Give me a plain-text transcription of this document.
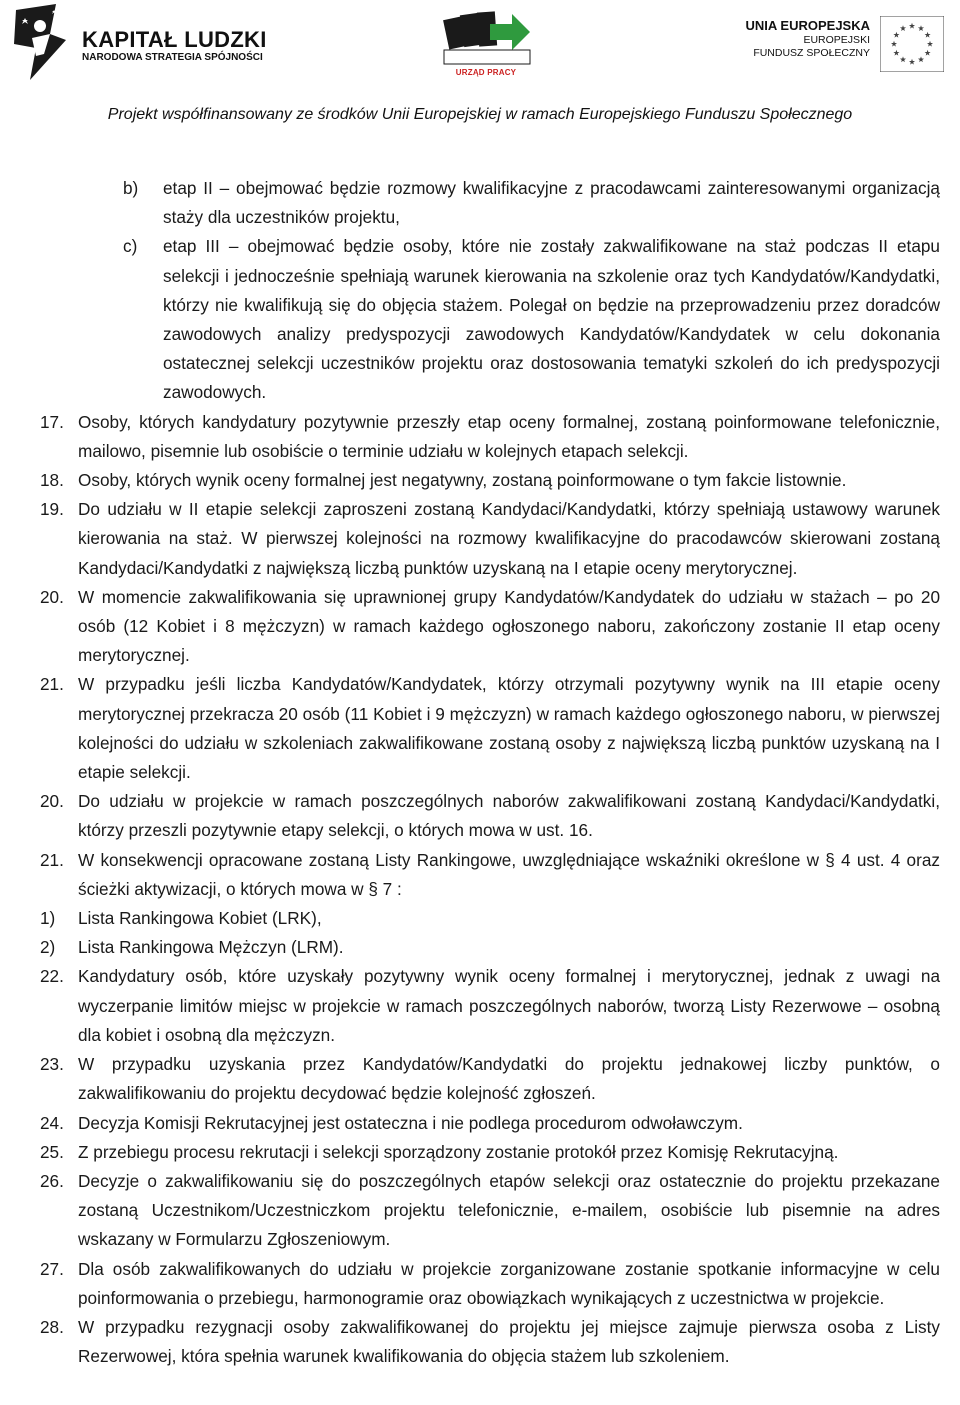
KAPITAŁ LUDZKI
NARODOWA STRATEGIA SPÓJNOŚCI
URZĄD PRACY
UNIA EUROPEJSKA
EUROPEJSKI
FUNDUSZ SPOŁECZNY
Projekt współfinansowany ze środków Unii Europejskiej w ramach Europejskiego Funduszu Społecznego
b)	etap II – obejmować będzie rozmowy kwalifikacyjne z pracodawcami zainteresowanymi organizacją staży dla uczestników projektu,
c)	etap III – obejmować będzie osoby, które nie zostały zakwalifikowane na staż podczas II etapu selekcji i jednocześnie spełniają warunek kierowania na szkolenie oraz tych Kandydatów/Kandydatki, którzy nie kwalifikują się do objęcia stażem. Polegał on będzie na przeprowadzeniu przez doradców zawodowych analizy predyspozycji zawodowych Kandydatów/Kandydatek w celu dokonania ostatecznej selekcji uczestników projektu oraz dostosowania tematyki szkoleń do ich predyspozycji zawodowych.
17. Osoby, których kandydatury pozytywnie przeszły etap oceny formalnej, zostaną poinformowane telefonicznie, mailowo, pisemnie lub osobiście o terminie udziału w kolejnych etapach selekcji.
18. Osoby, których wynik oceny formalnej jest negatywny, zostaną poinformowane o tym fakcie listownie.
19. Do udziału w II etapie selekcji zaproszeni zostaną Kandydaci/Kandydatki, którzy spełniają ustawowy warunek kierowania na staż. W pierwszej kolejności na rozmowy kwalifikacyjne do pracodawców skierowani zostaną Kandydaci/Kandydatki z największą liczbą punktów uzyskaną na I etapie oceny merytorycznej.
20. W momencie zakwalifikowania się uprawnionej grupy Kandydatów/Kandydatek do udziału w stażach – po 20 osób (12 Kobiet i 8 mężczyzn) w ramach każdego ogłoszonego naboru, zakończony zostanie II etap oceny merytorycznej.
21. W przypadku jeśli liczba Kandydatów/Kandydatek, którzy otrzymali pozytywny wynik na III etapie oceny merytorycznej przekracza 20 osób (11 Kobiet i 9 mężczyzn) w ramach każdego ogłoszonego naboru, w pierwszej kolejności do udziału w szkoleniach zakwalifikowane zostaną osoby z największą liczbą punktów uzyskaną na I etapie selekcji.
20. Do udziału w projekcie w ramach poszczególnych naborów zakwalifikowani zostaną Kandydaci/Kandydatki, którzy przeszli pozytywnie etapy selekcji, o których mowa w ust. 16.
21. W konsekwencji opracowane zostaną Listy Rankingowe, uwzględniające wskaźniki określone w § 4 ust. 4 oraz ścieżki aktywizacji, o których mowa w § 7 :
1)	Lista Rankingowa Kobiet (LRK),
2)	Lista Rankingowa Mężczyn (LRM).
22. Kandydatury osób, które uzyskały pozytywny wynik oceny formalnej i merytorycznej, jednak z uwagi na wyczerpanie limitów miejsc w projekcie w ramach poszczególnych naborów, tworzą Listy Rezerwowe – osobną dla kobiet i osobną dla mężczyzn.
23. W przypadku uzyskania przez Kandydatów/Kandydatki do projektu jednakowej liczby punktów, o zakwalifikowaniu do projektu decydować będzie kolejność zgłoszeń.
24. Decyzja Komisji Rekrutacyjnej jest ostateczna i nie podlega procedurom odwoławczym.
25. Z przebiegu procesu rekrutacji i selekcji sporządzony zostanie protokół przez Komisję Rekrutacyjną.
26. Decyzje o zakwalifikowaniu się do poszczególnych etapów selekcji oraz ostatecznie do projektu przekazane zostaną Uczestnikom/Uczestniczkom projektu telefonicznie, e-mailem, osobiście lub pisemnie na adres wskazany w Formularzu Zgłoszeniowym.
27. Dla osób zakwalifikowanych do udziału w projekcie zorganizowane zostanie spotkanie informacyjne w celu poinformowania o przebiegu, harmonogramie oraz obowiązkach wynikających z uczestnictwa w projekcie.
28. W przypadku rezygnacji osoby zakwalifikowanej do projektu jej miejsce zajmuje pierwsza osoba z Listy Rezerwowej, która spełnia warunek kwalifikowania do objęcia stażem lub szkoleniem.
